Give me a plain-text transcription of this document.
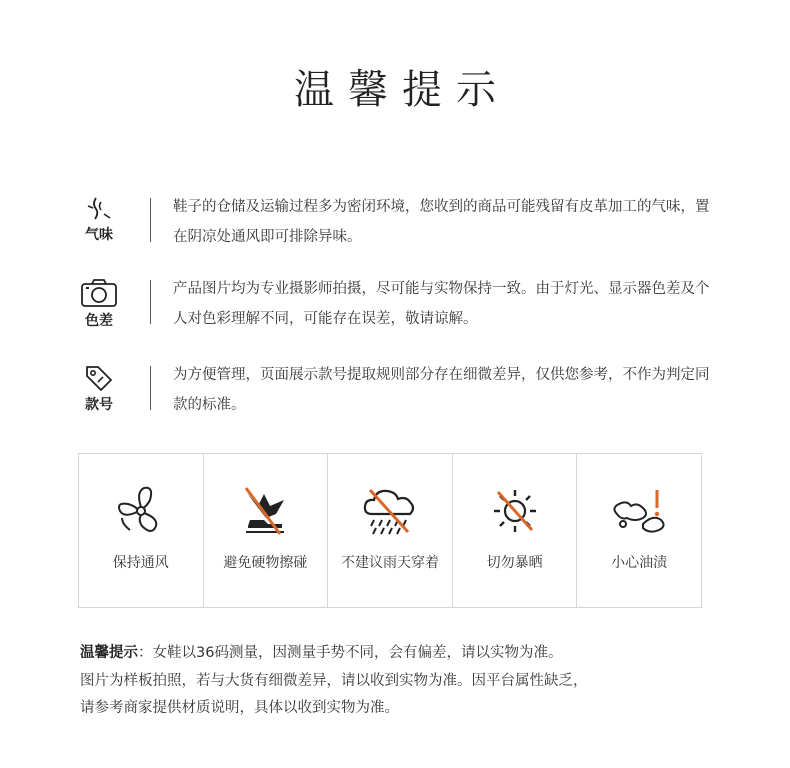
温馨提示
气味
鞋子的仓储及运输过程多为密闭环境，您收到的商品可能残留有皮革加工的气味，置在阴凉处通风即可排除异味。
色差
产品图片均为专业摄影师拍摄，尽可能与实物保持一致。由于灯光、显示器色差及个人对色彩理解不同，可能存在误差，敬请谅解。
款号
为方便管理，页面展示款号提取规则部分存在细微差异，仅供您参考，不作为判定同款的标准。
保持通风	避免硬物擦碰	不建议雨天穿着	切勿暴晒	小心油渍
温馨提示：女鞋以36码测量，因测量手势不同，会有偏差，请以实物为准。
图片为样板拍照，若与大货有细微差异，请以收到实物为准。因平台属性缺乏，
请参考商家提供材质说明，具体以收到实物为准。
